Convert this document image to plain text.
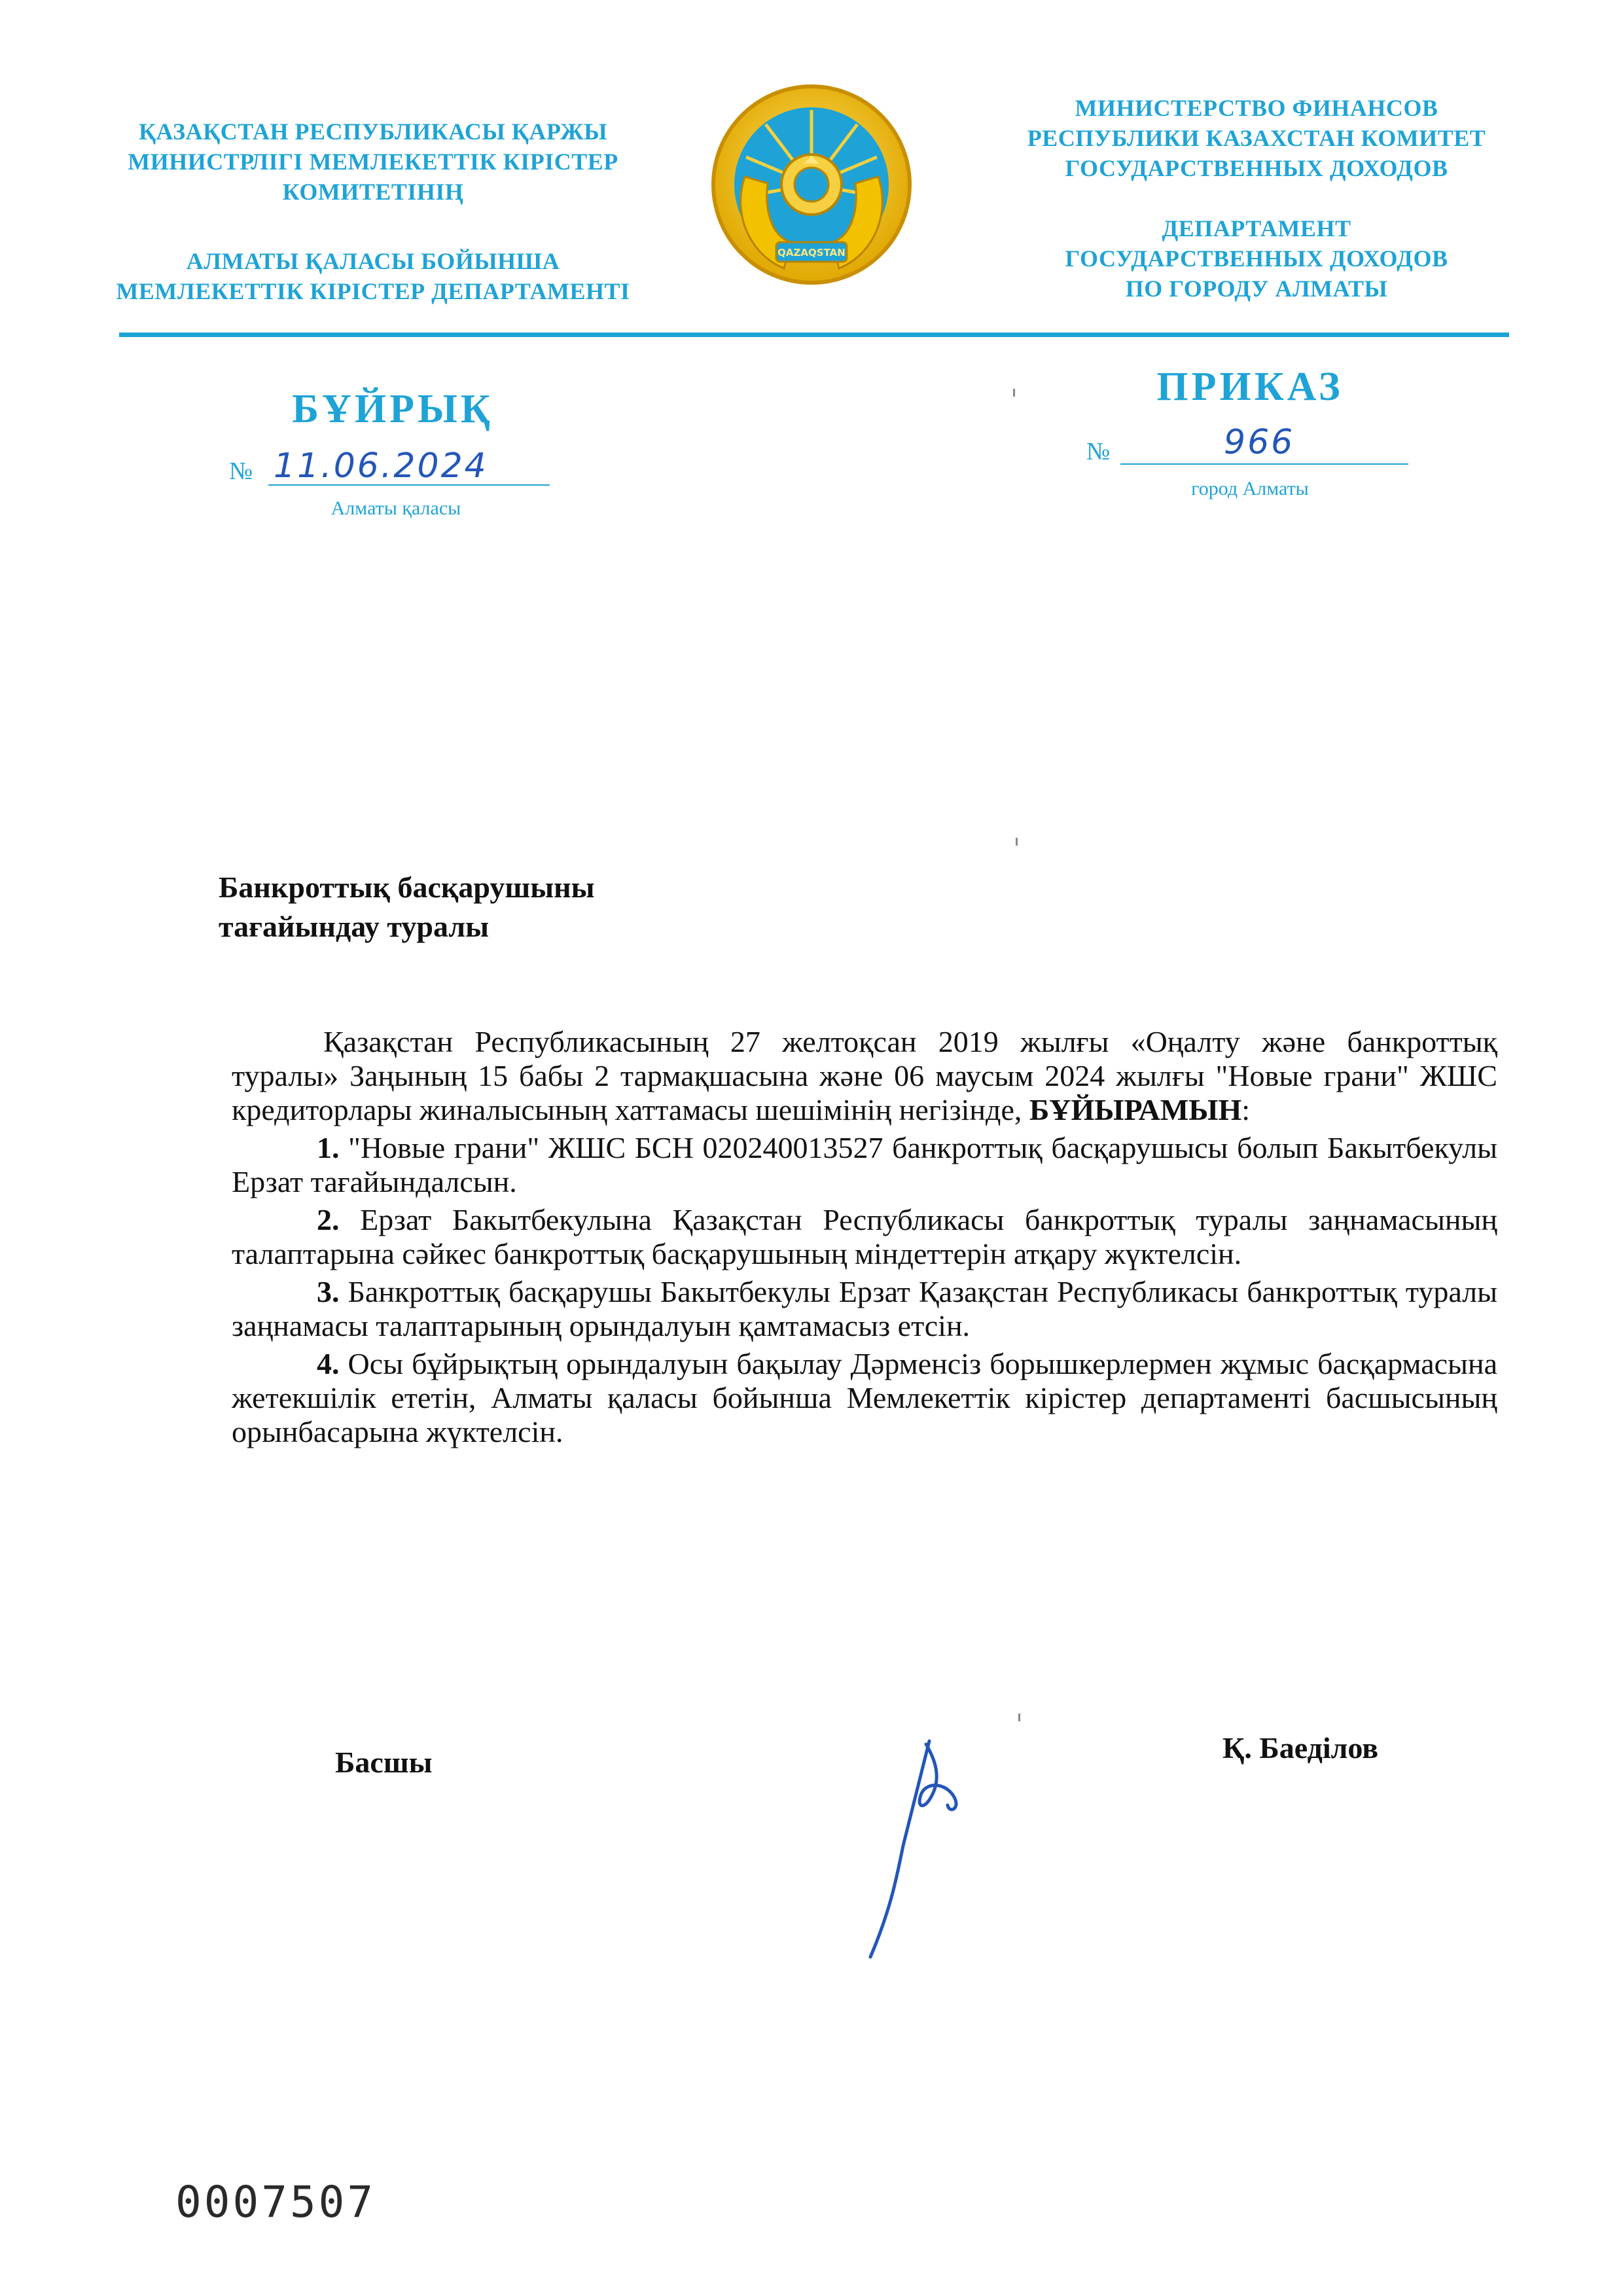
ҚАЗАҚСТАН РЕСПУБЛИКАСЫ ҚАРЖЫ
МИНИСТРЛІГІ МЕМЛЕКЕТТІК КІРІСТЕР
КОМИТЕТІНІҢ
АЛМАТЫ ҚАЛАСЫ БОЙЫНША
МЕМЛЕКЕТТІК КІРІСТЕР ДЕПАРТАМЕНТІ
QAZAQSTAN
МИНИСТЕРСТВО ФИНАНСОВ
РЕСПУБЛИКИ КАЗАХСТАН КОМИТЕТ
ГОСУДАРСТВЕННЫХ ДОХОДОВ
ДЕПАРТАМЕНТ
ГОСУДАРСТВЕННЫХ ДОХОДОВ
ПО ГОРОДУ АЛМАТЫ
БҰЙРЫҚ	ПРИКАЗ
№ 11.06.2024
Алматы қаласы
№	966
город Алматы
Банкроттық басқарушыны
тағайындау туралы

Қазақстан Республикасының 27 желтоқсан 2019 жылғы «Оңалту және банкроттық туралы» Заңының 15 бабы 2 тармақшасына және 06 маусым 2024 жылғы "Новые грани" ЖШС кредиторлары жиналысының хаттамасы шешімінің негізінде, БҰЙЫРАМЫН:

1. "Новые грани" ЖШС БСН 020240013527 банкроттық басқарушысы болып Бакытбекулы Ерзат тағайындалсын.

2. Ерзат Бакытбекулына Қазақстан Республикасы банкроттық туралы заңнамасының талаптарына сәйкес банкроттық басқарушының міндеттерін атқару жүктелсін.

3. Банкроттық басқарушы Бакытбекулы Ерзат Қазақстан Республикасы банкроттық туралы заңнамасы талаптарының орындалуын қамтамасыз етсін.

4. Осы бұйрықтың орындалуын бақылау Дәрменсіз борышкерлермен жұмыс басқармасына жетекшілік ететін, Алматы қаласы бойынша Мемлекеттік кірістер департаменті басшысының орынбасарына жүктелсін.

Басшы	Қ. Баеділов
0007507
